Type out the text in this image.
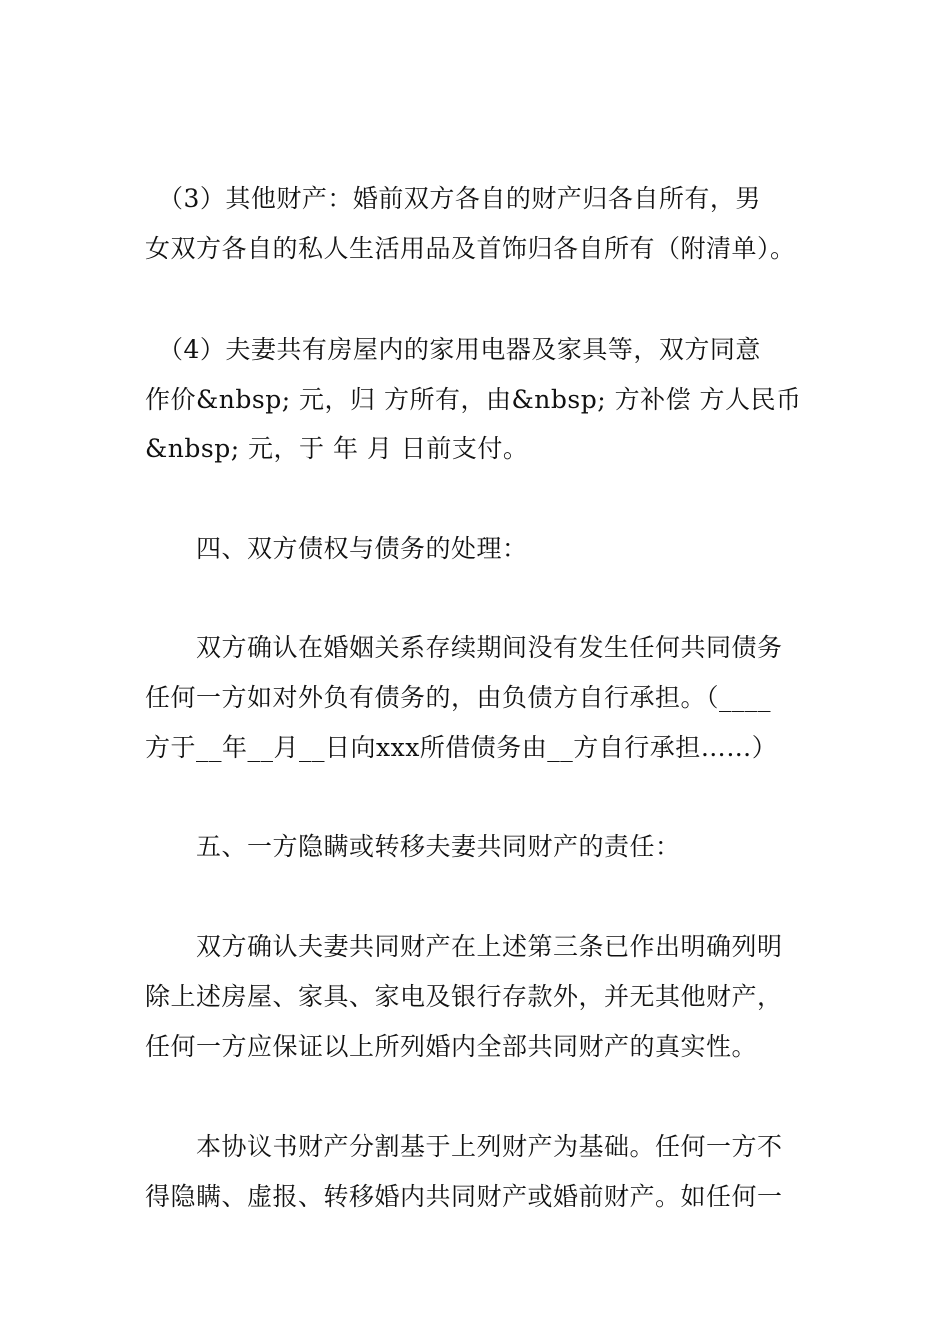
　（3）其他财产：婚前双方各自的财产归各自所有，男
女双方各自的私人生活用品及首饰归各自所有（附清单）。
　（4）夫妻共有房屋内的家用电器及家具等，双方同意
作价&nbsp; 元，归 方所有，由&nbsp; 方补偿 方人民币
&nbsp; 元，于 年 月 日前支付。
　　四、双方债权与债务的处理：
　　双方确认在婚姻关系存续期间没有发生任何共同债务
任何一方如对外负有债务的，由负债方自行承担。（____
方于__年__月__日向xxx所借债务由__方自行承担……）
　　五、一方隐瞒或转移夫妻共同财产的责任：
　　双方确认夫妻共同财产在上述第三条已作出明确列明
除上述房屋、家具、家电及银行存款外，并无其他财产，
任何一方应保证以上所列婚内全部共同财产的真实性。
　　本协议书财产分割基于上列财产为基础。任何一方不
得隐瞒、虚报、转移婚内共同财产或婚前财产。如任何一
